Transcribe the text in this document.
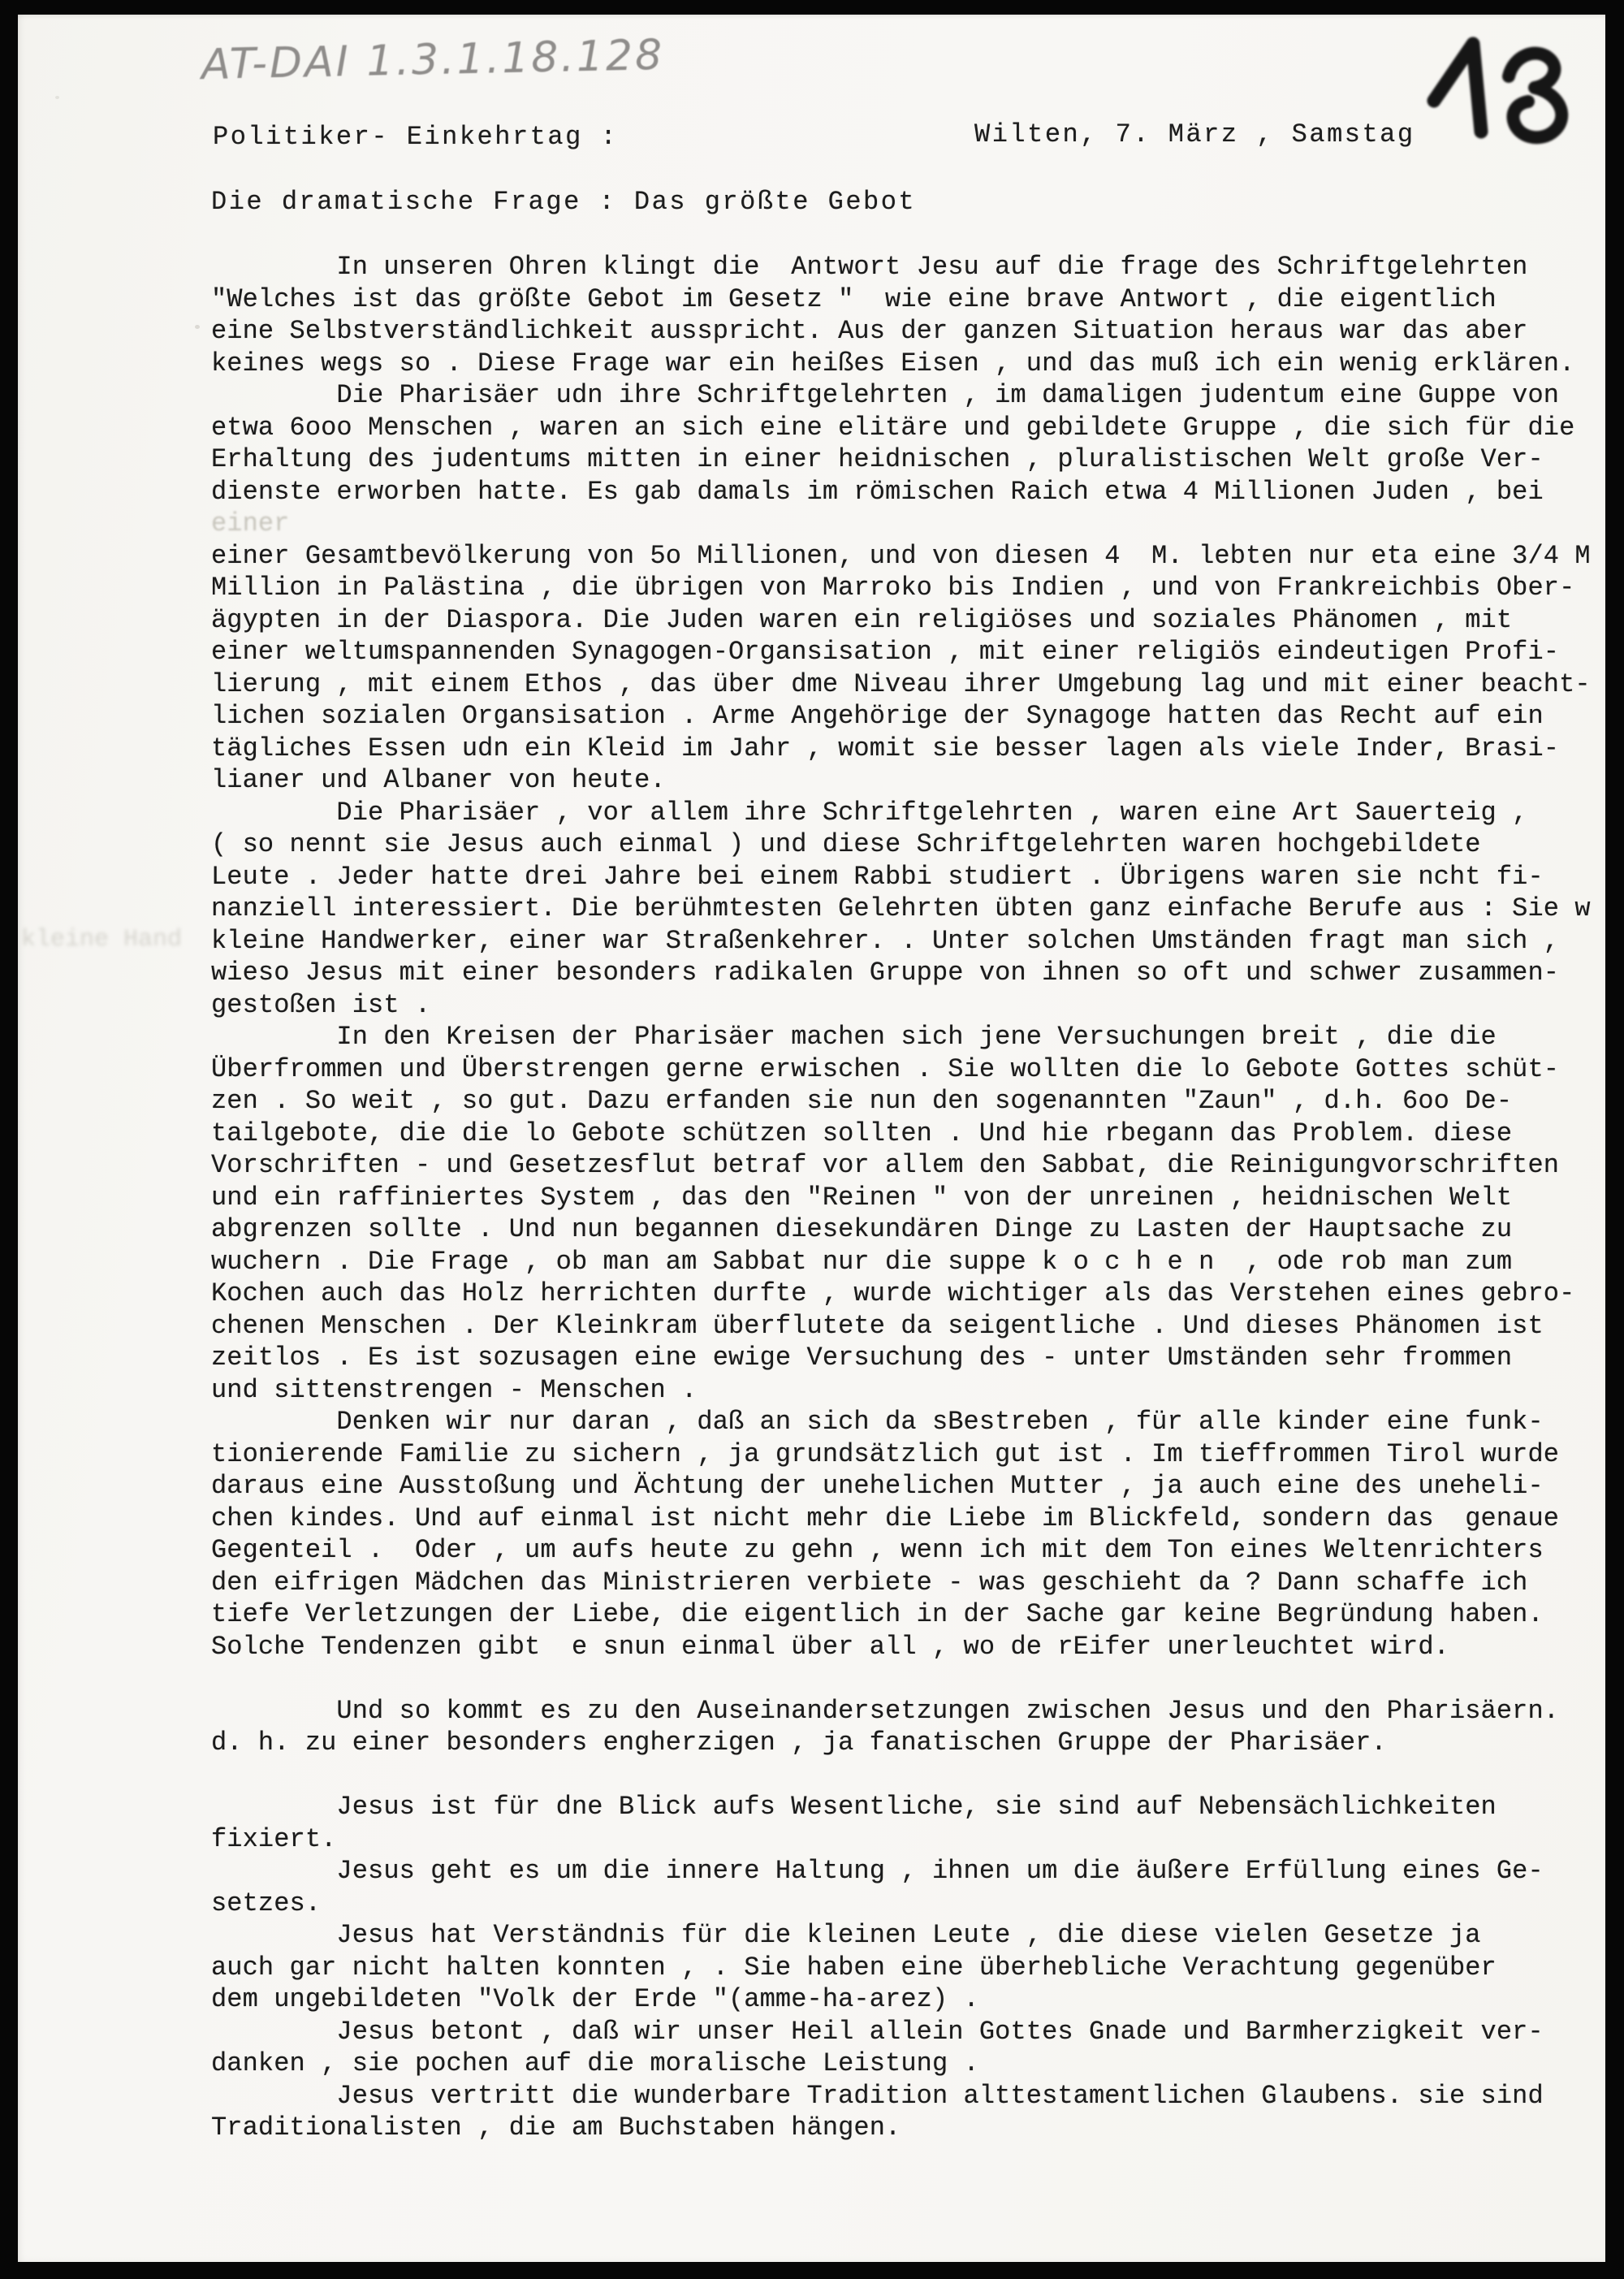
AT-DAI 1.3.1.18.128
Politiker- Einkehrtag :	Wilten, 7. März , Samstag
Die dramatische Frage : Das größte Gebot
In unseren Ohren klingt die  Antwort Jesu auf die frage des Schriftgelehrten
"Welches ist das größte Gebot im Gesetz "  wie eine brave Antwort , die eigentlich
eine Selbstverständlichkeit ausspricht. Aus der ganzen Situation heraus war das aber
keines wegs so . Diese Frage war ein heißes Eisen , und das muß ich ein wenig erklären.
Die Pharisäer udn ihre Schriftgelehrten , im damaligen judentum eine Guppe von
etwa 6ooo Menschen , waren an sich eine elitäre und gebildete Gruppe , die sich für die
Erhaltung des judentums mitten in einer heidnischen , pluralistischen Welt große Ver-
dienste erworben hatte. Es gab damals im römischen Raich etwa 4 Millionen Juden , bei
einer
einer Gesamtbevölkerung von 5o Millionen, und von diesen 4  M. lebten nur eta eine 3/4 M
Million in Palästina , die übrigen von Marroko bis Indien , und von Frankreichbis Ober-
ägypten in der Diaspora. Die Juden waren ein religiöses und soziales Phänomen , mit
einer weltumspannenden Synagogen-Organsisation , mit einer religiös eindeutigen Profi-
lierung , mit einem Ethos , das über dme Niveau ihrer Umgebung lag und mit einer beacht-
lichen sozialen Organsisation . Arme Angehörige der Synagoge hatten das Recht auf ein
tägliches Essen udn ein Kleid im Jahr , womit sie besser lagen als viele Inder, Brasi-
lianer und Albaner von heute.
Die Pharisäer , vor allem ihre Schriftgelehrten , waren eine Art Sauerteig ,
( so nennt sie Jesus auch einmal ) und diese Schriftgelehrten waren hochgebildete
Leute . Jeder hatte drei Jahre bei einem Rabbi studiert . Übrigens waren sie ncht fi-
nanziell interessiert. Die berühmtesten Gelehrten übten ganz einfache Berufe aus : Sie w
kleine Handwerker, einer war Straßenkehrer. . Unter solchen Umständen fragt man sich ,
wieso Jesus mit einer besonders radikalen Gruppe von ihnen so oft und schwer zusammen-
gestoßen ist .
In den Kreisen der Pharisäer machen sich jene Versuchungen breit , die die
Überfrommen und Überstrengen gerne erwischen . Sie wollten die lo Gebote Gottes schüt-
zen . So weit , so gut. Dazu erfanden sie nun den sogenannten "Zaun" , d.h. 6oo De-
tailgebote, die die lo Gebote schützen sollten . Und hie rbegann das Problem. diese
Vorschriften - und Gesetzesflut betraf vor allem den Sabbat, die Reinigungvorschriften
und ein raffiniertes System , das den "Reinen " von der unreinen , heidnischen Welt
abgrenzen sollte . Und nun begannen diesekundären Dinge zu Lasten der Hauptsache zu
wuchern . Die Frage , ob man am Sabbat nur die suppe k o c h e n  , ode rob man zum
Kochen auch das Holz herrichten durfte , wurde wichtiger als das Verstehen eines gebro-
chenen Menschen . Der Kleinkram überflutete da seigentliche . Und dieses Phänomen ist
zeitlos . Es ist sozusagen eine ewige Versuchung des - unter Umständen sehr frommen
und sittenstrengen - Menschen .
Denken wir nur daran , daß an sich da sBestreben , für alle kinder eine funk-
tionierende Familie zu sichern , ja grundsätzlich gut ist . Im tieffrommen Tirol wurde
daraus eine Ausstoßung und Ächtung der unehelichen Mutter , ja auch eine des uneheli-
chen kindes. Und auf einmal ist nicht mehr die Liebe im Blickfeld, sondern das  genaue
Gegenteil .  Oder , um aufs heute zu gehn , wenn ich mit dem Ton eines Weltenrichters
den eifrigen Mädchen das Ministrieren verbiete - was geschieht da ? Dann schaffe ich
tiefe Verletzungen der Liebe, die eigentlich in der Sache gar keine Begründung haben.
Solche Tendenzen gibt  e snun einmal über all , wo de rEifer unerleuchtet wird.
Und so kommt es zu den Auseinandersetzungen zwischen Jesus und den Pharisäern.
d. h. zu einer besonders engherzigen , ja fanatischen Gruppe der Pharisäer.
Jesus ist für dne Blick aufs Wesentliche, sie sind auf Nebensächlichkeiten
fixiert.
Jesus geht es um die innere Haltung , ihnen um die äußere Erfüllung eines Ge-
setzes.
Jesus hat Verständnis für die kleinen Leute , die diese vielen Gesetze ja
auch gar nicht halten konnten , . Sie haben eine überhebliche Verachtung gegenüber
dem ungebildeten "Volk der Erde "(amme-ha-arez) .
Jesus betont , daß wir unser Heil allein Gottes Gnade und Barmherzigkeit ver-
danken , sie pochen auf die moralische Leistung .
Jesus vertritt die wunderbare Tradition alttestamentlichen Glaubens. sie sind
Traditionalisten , die am Buchstaben hängen.
kleine Hand
